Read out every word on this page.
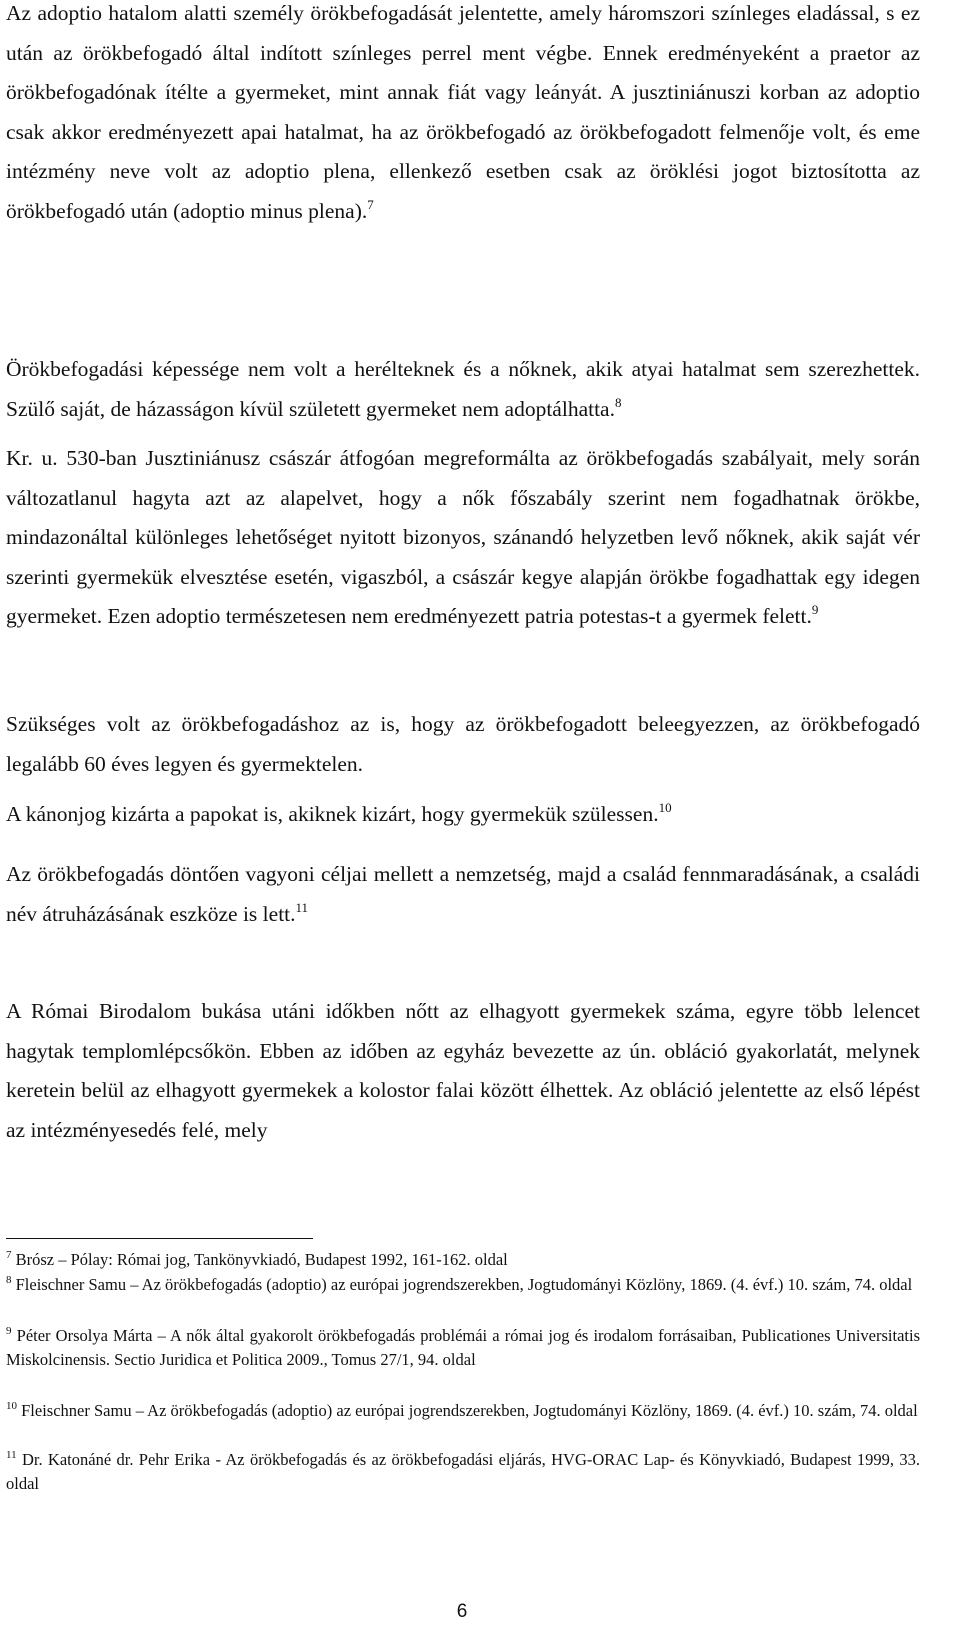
Az adoptio hatalom alatti személy örökbefogadását jelentette, amely háromszori színleges eladással, s ez után az örökbefogadó által indított színleges perrel ment végbe. Ennek eredményeként a praetor az örökbefogadónak ítélte a gyermeket, mint annak fiát vagy leányát. A jusztiniánuszi korban az adoptio csak akkor eredményezett apai hatalmat, ha az örökbefogadó az örökbefogadott felmenője volt, és eme intézmény neve volt az adoptio plena, ellenkező esetben csak az öröklési jogot biztosította az örökbefogadó után (adoptio minus plena).$^7$

Örökbefogadási képessége nem volt a herélteknek és a nőknek, akik atyai hatalmat sem szerezhettek. Szülő saját, de házasságon kívül született gyermeket nem adoptálhatta.$^8$

Kr. u. 530-ban Jusztiniánusz császár átfogóan megreformálta az örökbefogadás szabályait, mely során változatlanul hagyta azt az alapelvet, hogy a nők főszabály szerint nem fogadhatnak örökbe, mindazonáltal különleges lehetőséget nyitott bizonyos, szánandó helyzetben levő nőknek, akik saját vér szerinti gyermekük elvesztése esetén, vigaszból, a császár kegye alapján örökbe fogadhattak egy idegen gyermeket. Ezen adoptio természetesen nem eredményezett patria potestas-t a gyermek felett.$^9$

Szükséges volt az örökbefogadáshoz az is, hogy az örökbefogadott beleegyezzen, az örökbefogadó legalább 60 éves legyen és gyermektelen.

A kánonjog kizárta a papokat is, akiknek kizárt, hogy gyermekük szülessen.$^{10}$

Az örökbefogadás döntően vagyoni céljai mellett a nemzetség, majd a család fennmaradásának, a családi név átruházásának eszköze is lett.$^{11}$

A Római Birodalom bukása utáni időkben nőtt az elhagyott gyermekek száma, egyre több lelencet hagytak templomlépcsőkön. Ebben az időben az egyház bevezette az ún. obláció gyakorlatát, melynek keretein belül az elhagyott gyermekek a kolostor falai között élhettek. Az obláció jelentette az első lépést az intézményesedés felé, mely

$^7$ Brósz – Pólay: Római jog, Tankönyvkiadó, Budapest 1992, 161-162. oldal

$^8$ Fleischner Samu – Az örökbefogadás (adoptio) az európai jogrendszerekben, Jogtudományi Közlöny, 1869. (4. évf.) 10. szám, 74. oldal

$^9$ Péter Orsolya Márta – A nők által gyakorolt örökbefogadás problémái a római jog és irodalom forrásaiban, Publicationes Universitatis Miskolcinensis. Sectio Juridica et Politica 2009., Tomus 27/1, 94. oldal

$^{10}$ Fleischner Samu – Az örökbefogadás (adoptio) az európai jogrendszerekben, Jogtudományi Közlöny, 1869. (4. évf.) 10. szám, 74. oldal

$^{11}$ Dr. Katonáné dr. Pehr Erika - Az örökbefogadás és az örökbefogadási eljárás, HVG-ORAC Lap- és Könyvkiadó, Budapest 1999, 33. oldal

6
